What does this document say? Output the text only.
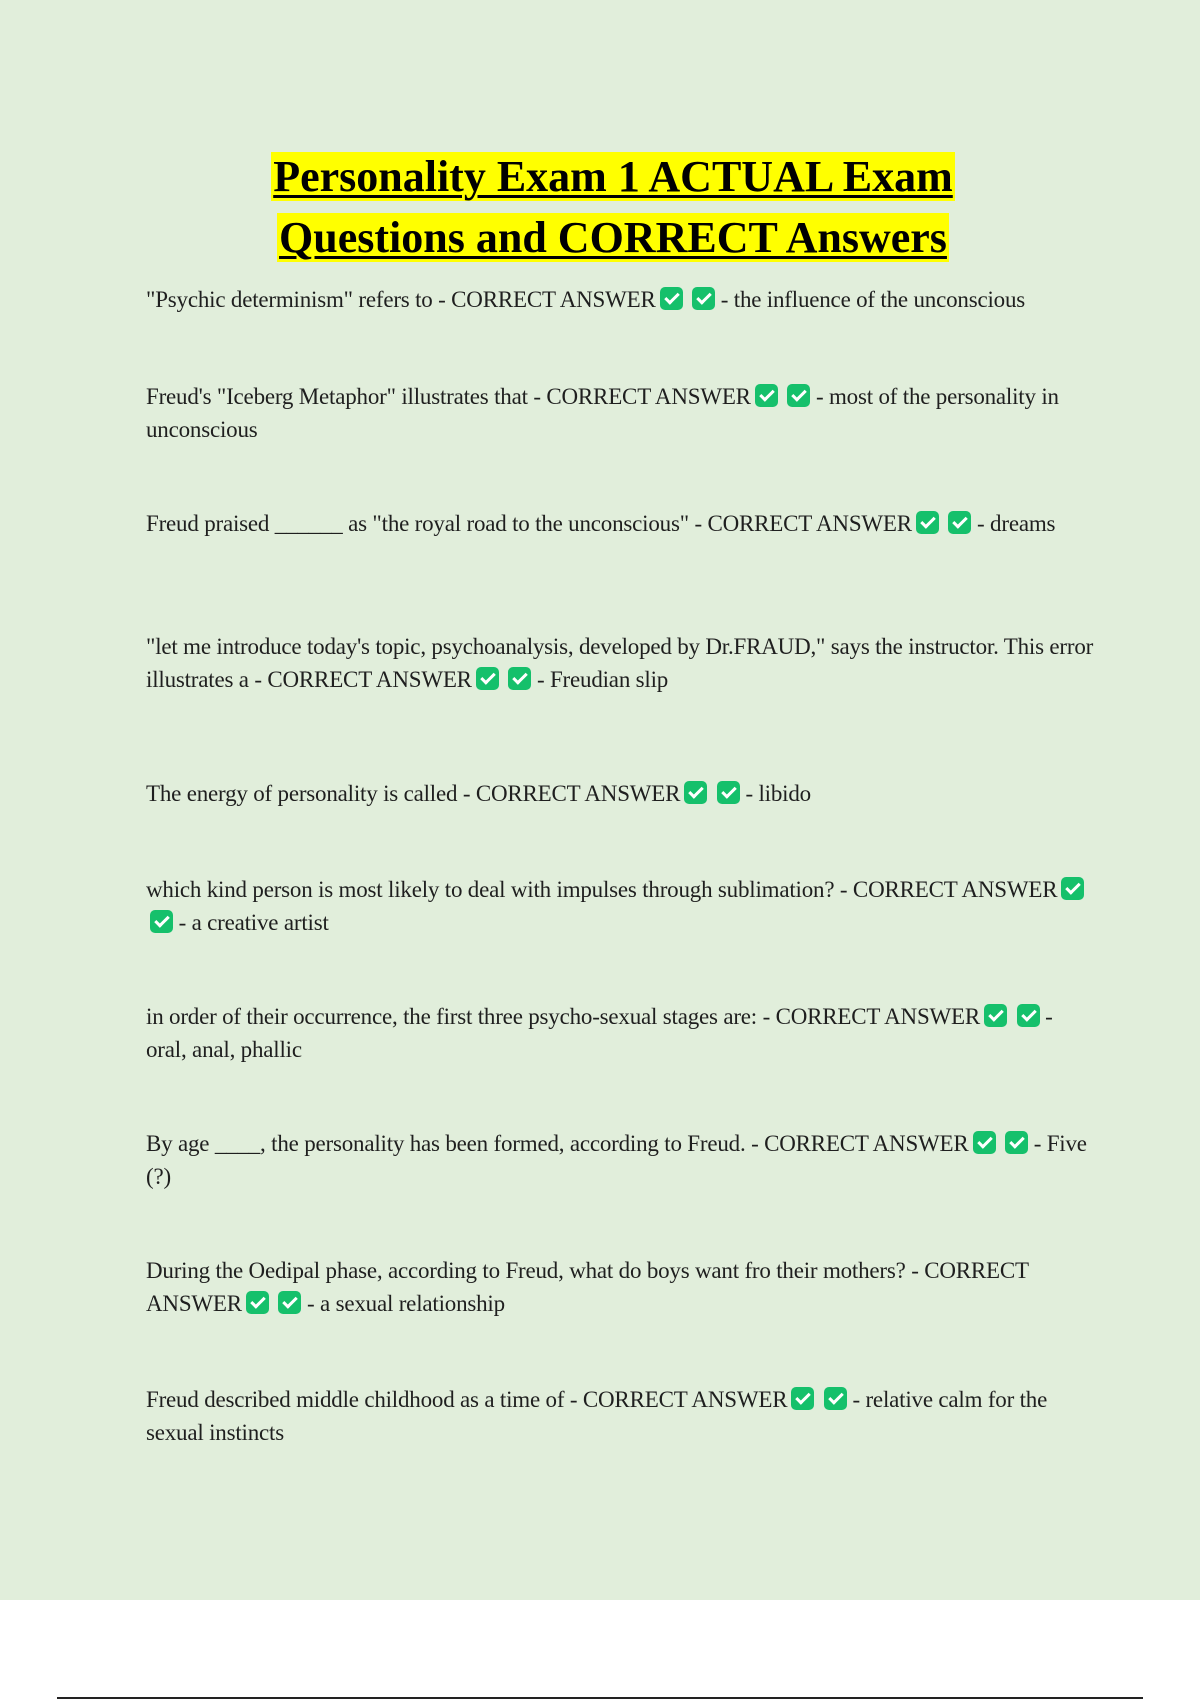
Personality Exam 1 ACTUAL Exam
Questions and CORRECT Answers
"Psychic determinism" refers to - CORRECT ANSWER	- the influence of the unconscious
Freud's "Iceberg Metaphor" illustrates that - CORRECT ANSWER	- most of the personality in unconscious
Freud praised ______ as "the royal road to the unconscious" - CORRECT ANSWER	- dreams
"let me introduce today's topic, psychoanalysis, developed by Dr.FRAUD," says the instructor. This error illustrates a - CORRECT ANSWER	- Freudian slip
The energy of personality is called - CORRECT ANSWER	- libido
which kind person is most likely to deal with impulses through sublimation? - CORRECT ANSWER  - a creative artist
in order of their occurrence, the first three psycho-sexual stages are: - CORRECT ANSWER	- oral, anal, phallic
By age ____, the personality has been formed, according to Freud. - CORRECT ANSWER	- Five (?)
During the Oedipal phase, according to Freud, what do boys want fro their mothers? - CORRECT ANSWER	- a sexual relationship
Freud described middle childhood as a time of - CORRECT ANSWER	- relative calm for the sexual instincts
